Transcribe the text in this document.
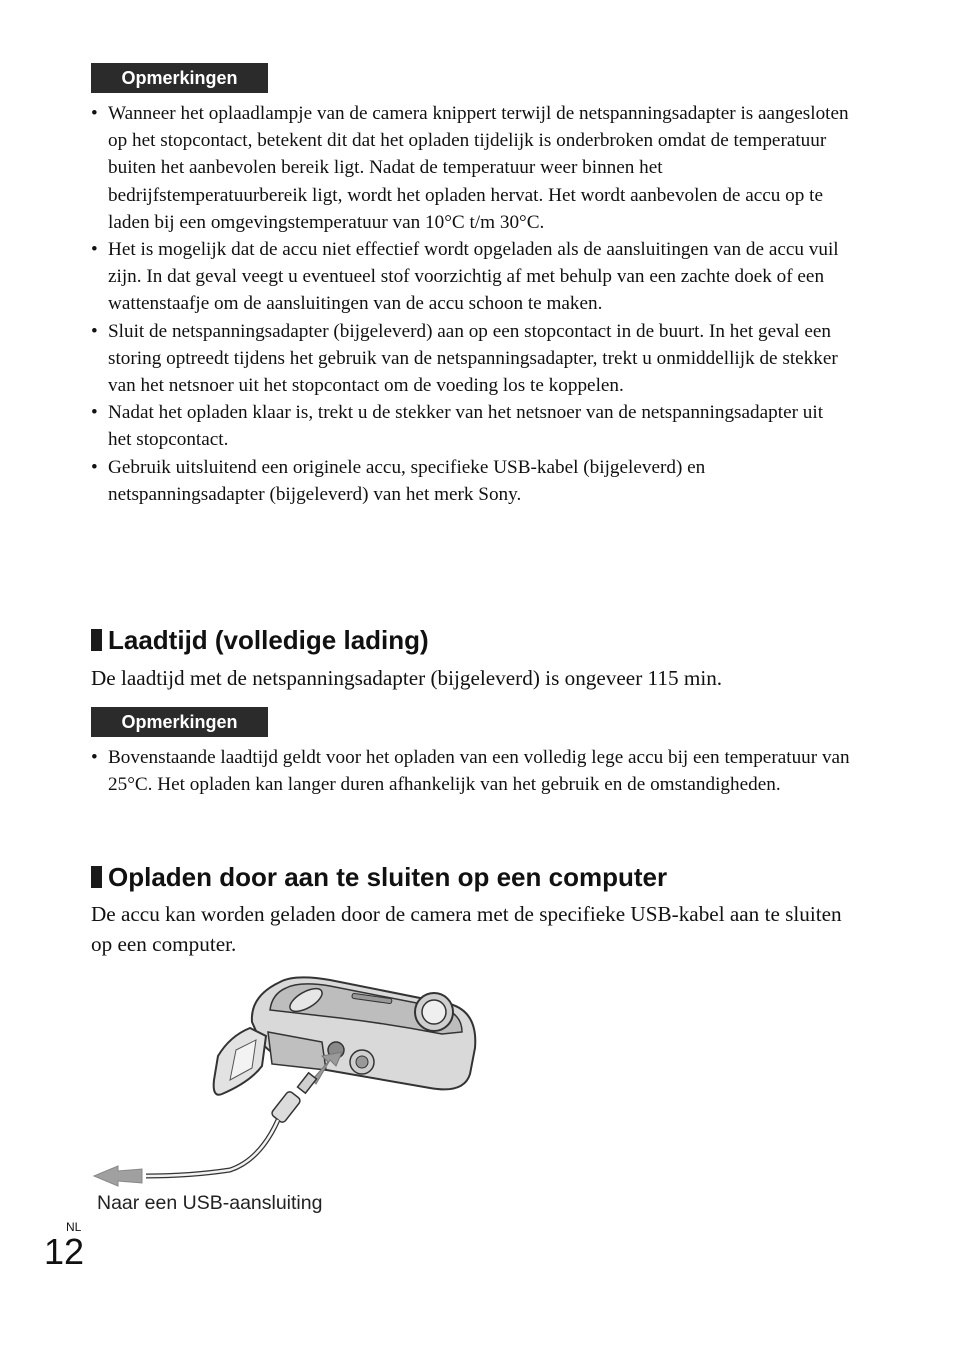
Opmerkingen
• Wanneer het oplaadlampje van de camera knippert terwijl de netspanningsadapter is aangesloten op het stopcontact, betekent dit dat het opladen tijdelijk is onderbroken omdat de temperatuur buiten het aanbevolen bereik ligt. Nadat de temperatuur weer binnen het bedrijfstemperatuurbereik ligt, wordt het opladen hervat. Het wordt aanbevolen de accu op te laden bij een omgevingstemperatuur van 10°C t/m 30°C.
• Het is mogelijk dat de accu niet effectief wordt opgeladen als de aansluitingen van de accu vuil zijn. In dat geval veegt u eventueel stof voorzichtig af met behulp van een zachte doek of een wattenstaafje om de aansluitingen van de accu schoon te maken.
• Sluit de netspanningsadapter (bijgeleverd) aan op een stopcontact in de buurt. In het geval een storing optreedt tijdens het gebruik van de netspanningsadapter, trekt u onmiddellijk de stekker van het netsnoer uit het stopcontact om de voeding los te koppelen.
• Nadat het opladen klaar is, trekt u de stekker van het netsnoer van de netspanningsadapter uit het stopcontact.
• Gebruik uitsluitend een originele accu, specifieke USB-kabel (bijgeleverd) en netspanningsadapter (bijgeleverd) van het merk Sony.
Laadtijd (volledige lading)

De laadtijd met de netspanningsadapter (bijgeleverd) is ongeveer 115 min.

Opmerkingen
• Bovenstaande laadtijd geldt voor het opladen van een volledig lege accu bij een temperatuur van 25°C. Het opladen kan langer duren afhankelijk van het gebruik en de omstandigheden.
Opladen door aan te sluiten op een computer

De accu kan worden geladen door de camera met de specifieke USB-kabel aan te sluiten op een computer.

Naar een USB-aansluiting
NL
12
